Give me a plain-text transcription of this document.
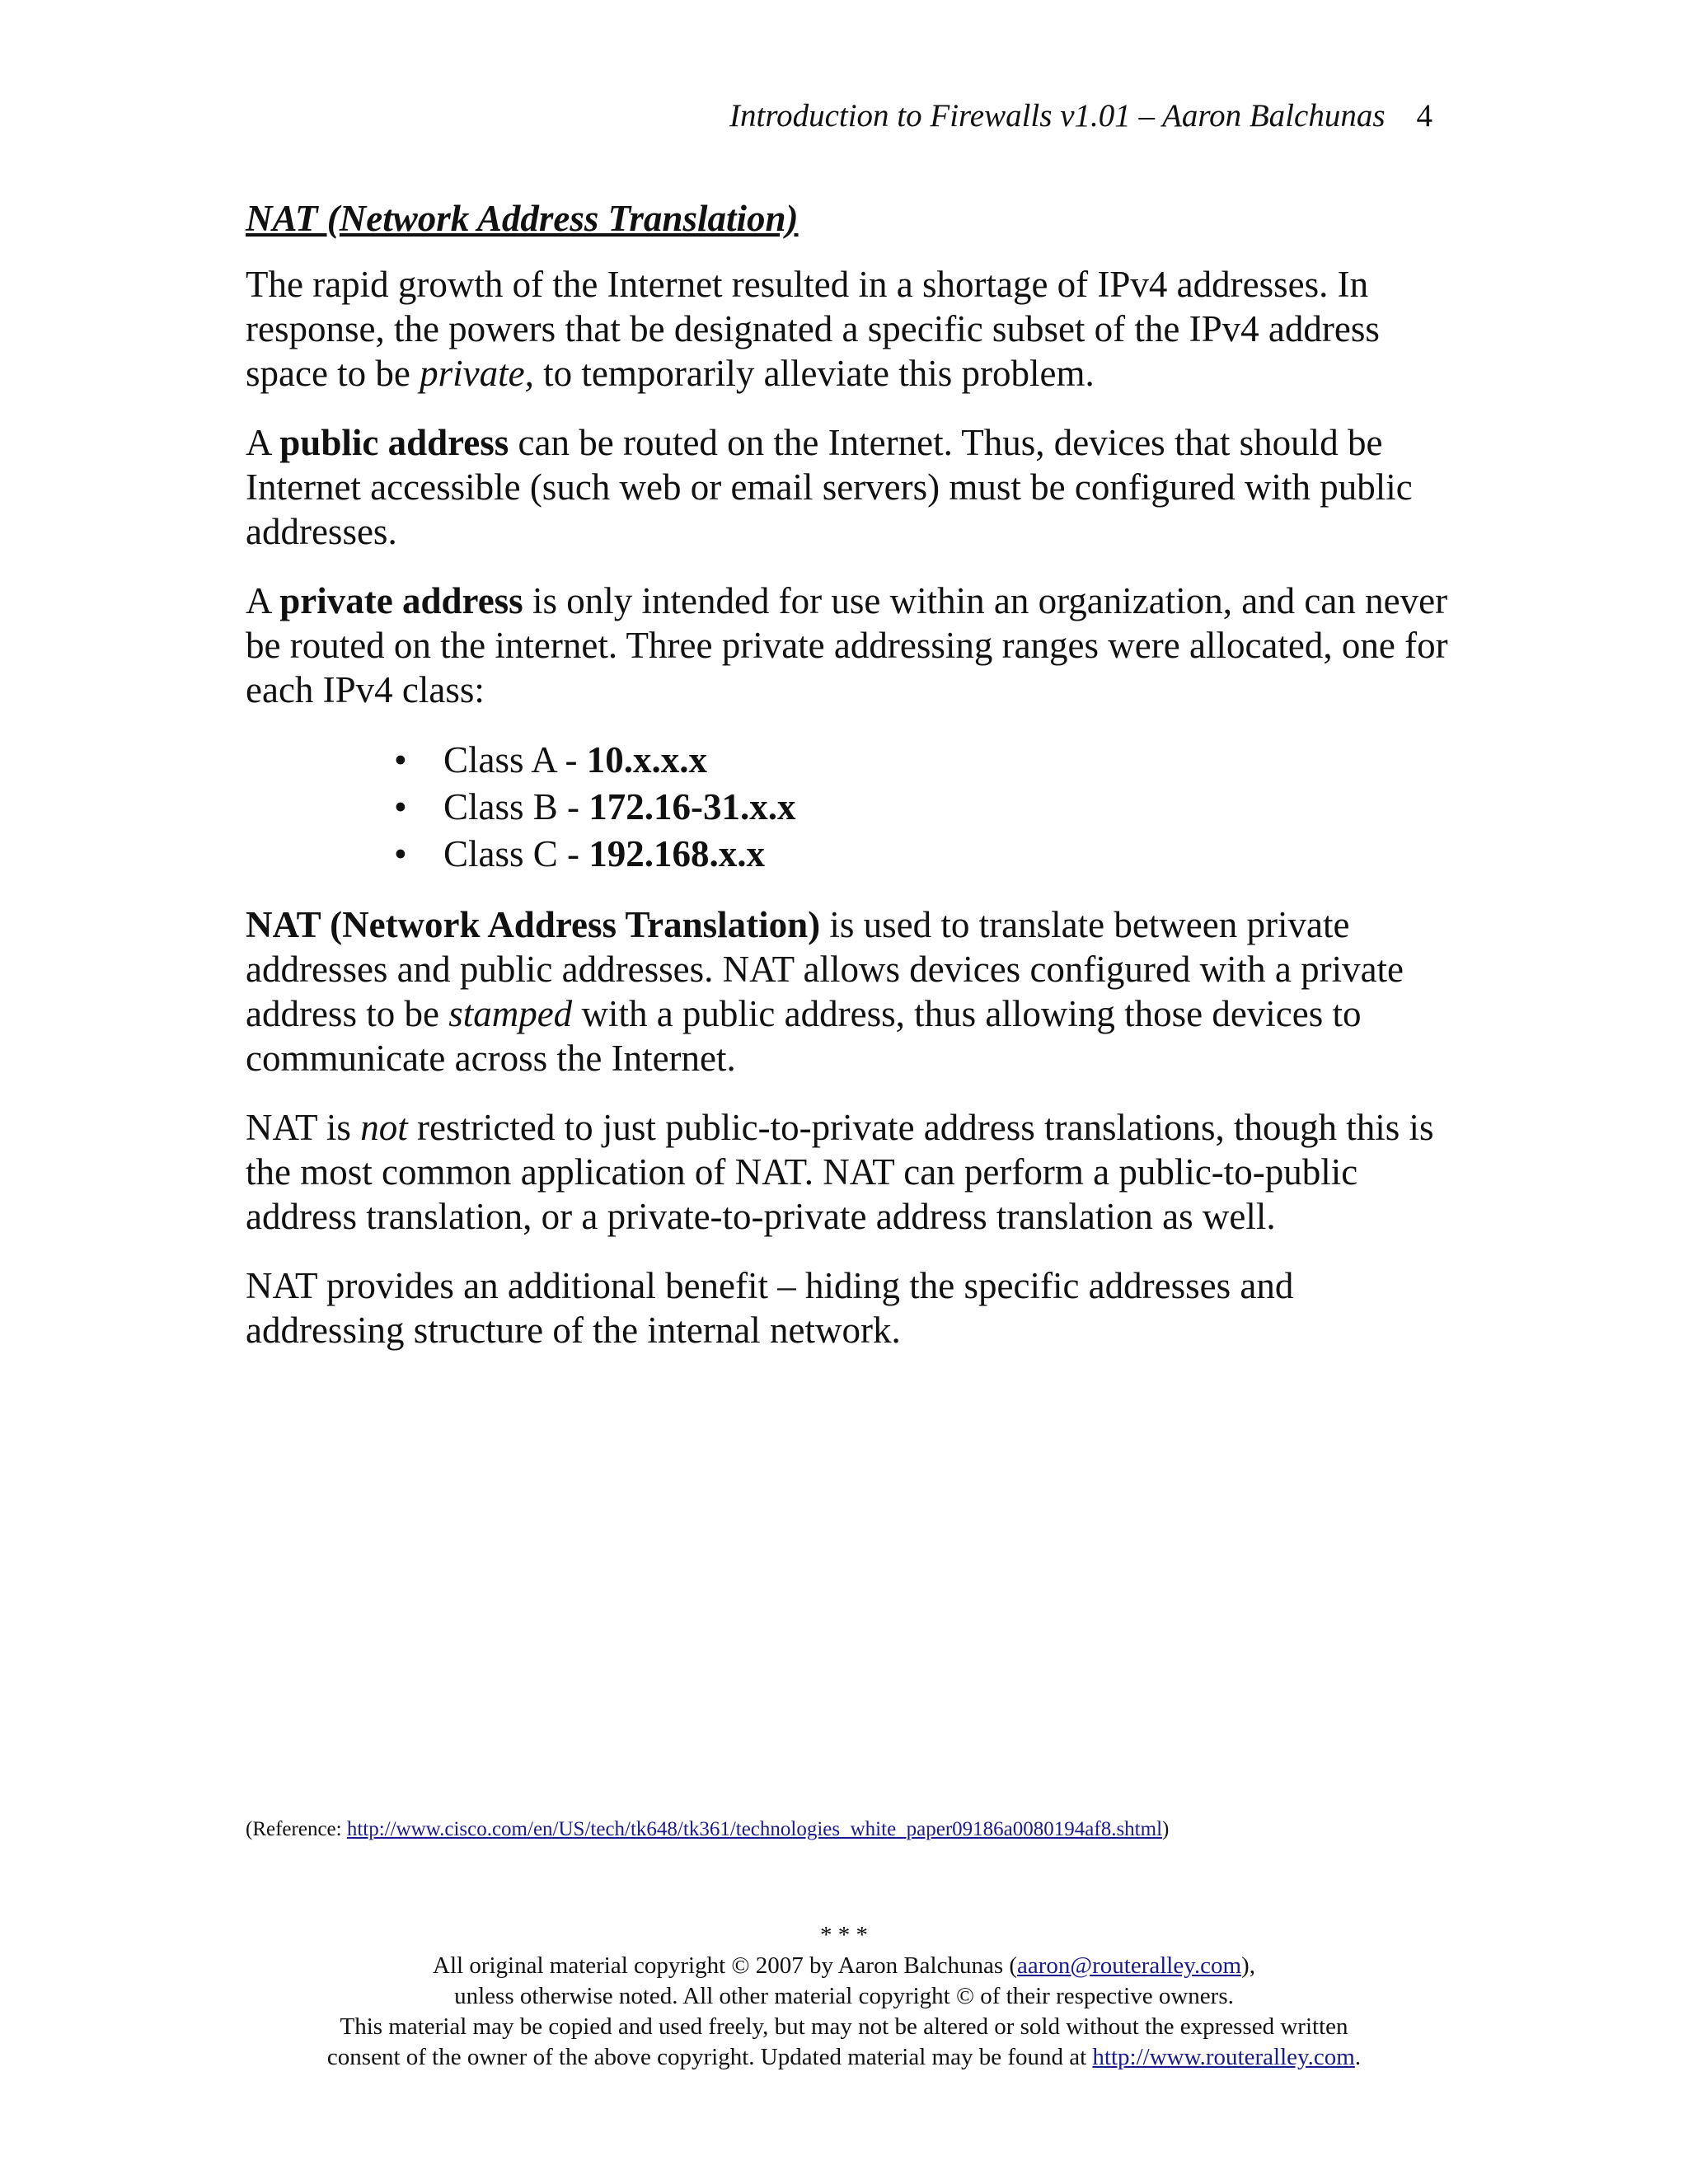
Introduction to Firewalls v1.01 – Aaron Balchunas 4
NAT (Network Address Translation)

The rapid growth of the Internet resulted in a shortage of IPv4 addresses. In response, the powers that be designated a specific subset of the IPv4 address space to be private, to temporarily alleviate this problem.

A public address can be routed on the Internet. Thus, devices that should be Internet accessible (such web or email servers) must be configured with public addresses.

A private address is only intended for use within an organization, and can never be routed on the internet. Three private addressing ranges were allocated, one for each IPv4 class:

• Class A - 10.x.x.x
• Class B - 172.16-31.x.x
• Class C - 192.168.x.x

NAT (Network Address Translation) is used to translate between private addresses and public addresses. NAT allows devices configured with a private address to be stamped with a public address, thus allowing those devices to communicate across the Internet.

NAT is not restricted to just public-to-private address translations, though this is the most common application of NAT. NAT can perform a public-to-public address translation, or a private-to-private address translation as well.

NAT provides an additional benefit – hiding the specific addresses and addressing structure of the internal network.

(Reference: http://www.cisco.com/en/US/tech/tk648/tk361/technologies_white_paper09186a0080194af8.shtml)
* * *
All original material copyright © 2007 by Aaron Balchunas (aaron@routeralley.com),
unless otherwise noted. All other material copyright © of their respective owners.
This material may be copied and used freely, but may not be altered or sold without the expressed written
consent of the owner of the above copyright. Updated material may be found at http://www.routeralley.com.
